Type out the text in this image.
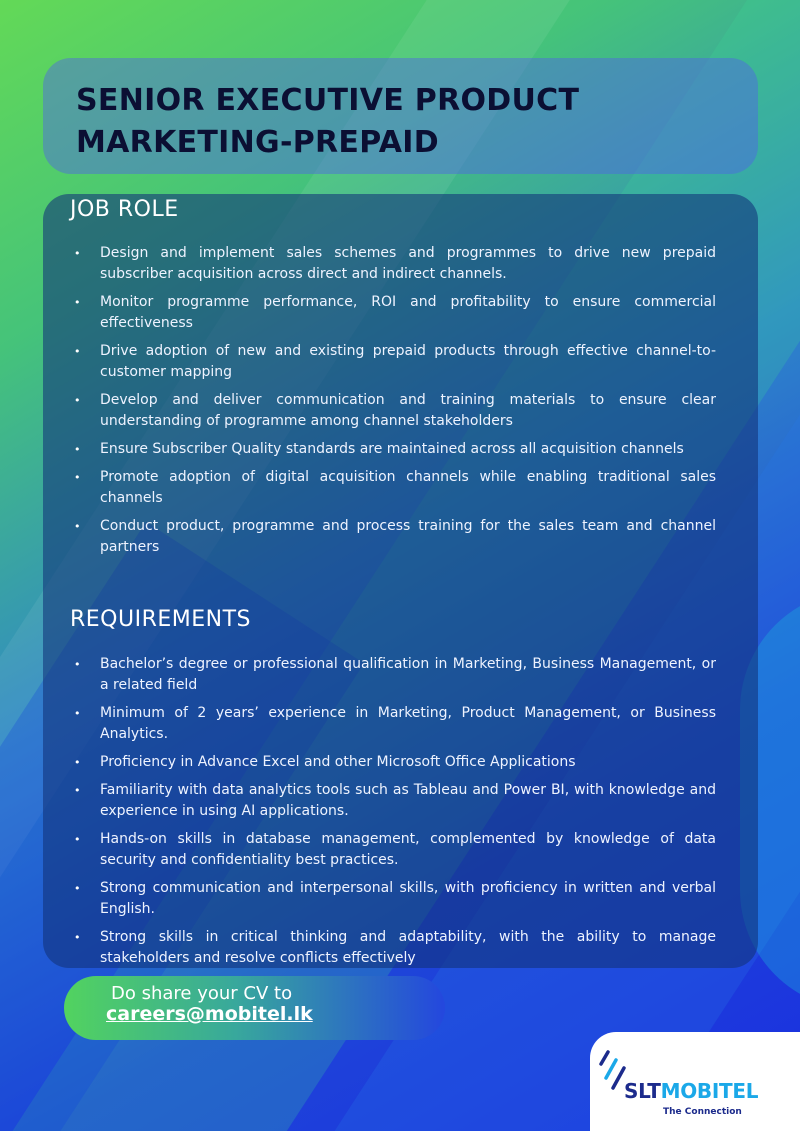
SENIOR EXECUTIVE PRODUCT MARKETING-PREPAID
JOB ROLE
• Design and implement sales schemes and programmes to drive new prepaid subscriber acquisition across direct and indirect channels.
• Monitor programme performance, ROI and profitability to ensure commercial effectiveness
• Drive adoption of new and existing prepaid products through effective channel-to-customer mapping
• Develop and deliver communication and training materials to ensure clear understanding of programme among channel stakeholders
• Ensure Subscriber Quality standards are maintained across all acquisition channels
• Promote adoption of digital acquisition channels while enabling traditional sales channels
• Conduct product, programme and process training for the sales team and channel partners
REQUIREMENTS
• Bachelor’s degree or professional qualification in Marketing, Business Management, or a related field
• Minimum of 2 years’ experience in Marketing, Product Management, or Business Analytics.
• Proficiency in Advance Excel and other Microsoft Office Applications
• Familiarity with data analytics tools such as Tableau and Power BI, with knowledge and experience in using AI applications.
• Hands-on skills in database management, complemented by knowledge of data security and confidentiality best practices.
• Strong communication and interpersonal skills, with proficiency in written and verbal English.
• Strong skills in critical thinking and adaptability, with the ability to manage stakeholders and resolve conflicts effectively

Do share your CV to

careers@mobitel.lk

SLTMOBITEL

The Connection
